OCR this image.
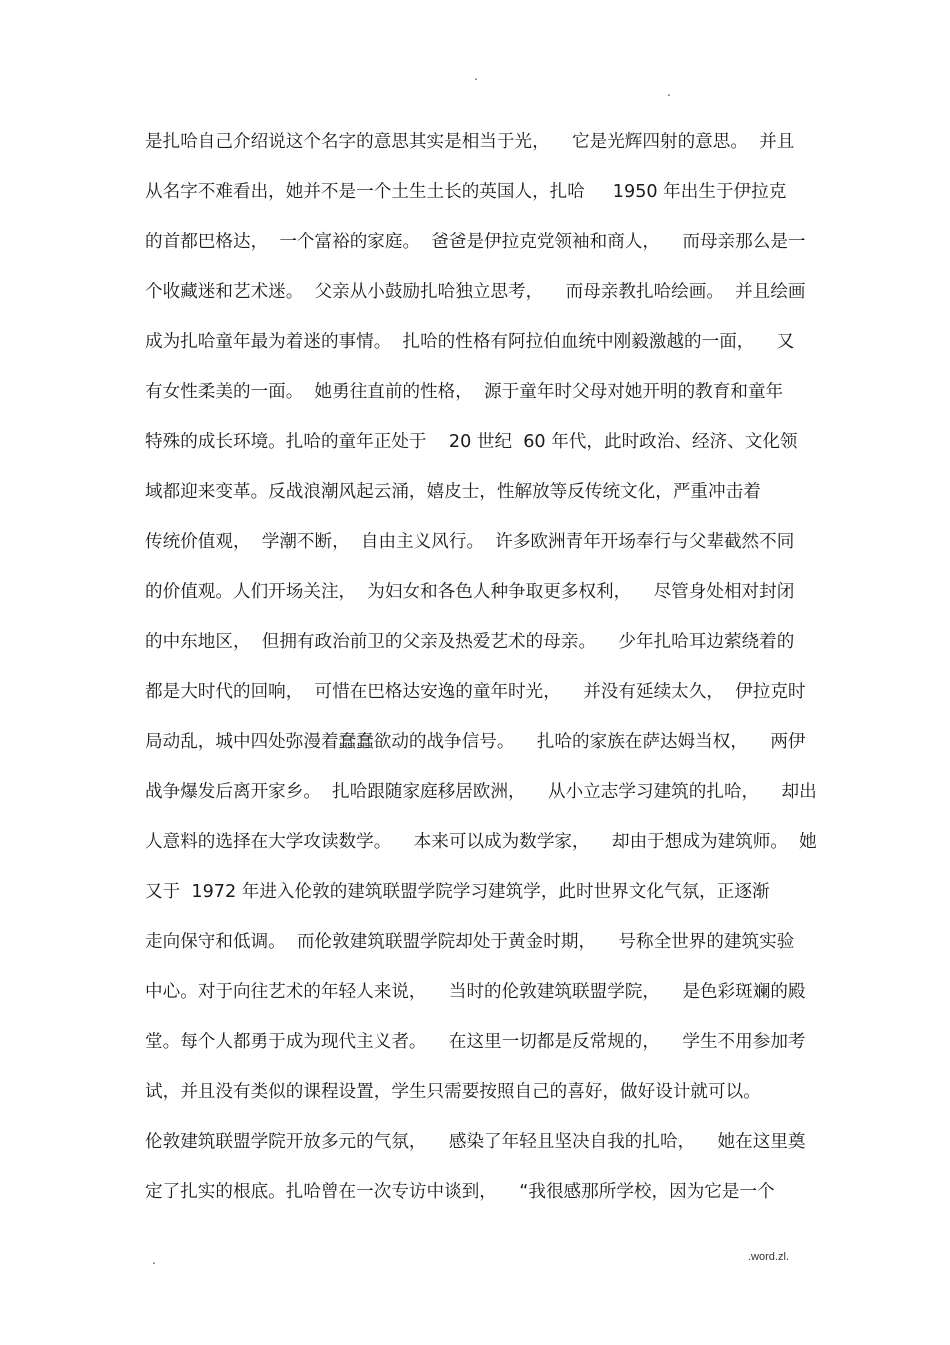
.
.
是扎哈自己介绍说这个名字的意思其实是相当于光，    它是光辉四射的意思。  并且
从名字不难看出，她并不是一个土生土长的英国人，扎哈     1950 年出生于伊拉克
的首都巴格达，  一个富裕的家庭。  爸爸是伊拉克党领袖和商人，    而母亲那么是一
个收藏迷和艺术迷。  父亲从小鼓励扎哈独立思考，    而母亲教扎哈绘画。  并且绘画
成为扎哈童年最为着迷的事情。  扎哈的性格有阿拉伯血统中刚毅激越的一面，    又
有女性柔美的一面。  她勇往直前的性格，  源于童年时父母对她开明的教育和童年
特殊的成长环境。扎哈的童年正处于    20 世纪  60 年代，此时政治、经济、文化领
域都迎来变革。反战浪潮风起云涌，嬉皮士，性解放等反传统文化，严重冲击着
传统价值观，  学潮不断，  自由主义风行。  许多欧洲青年开场奉行与父辈截然不同
的价值观。人们开场关注，  为妇女和各色人种争取更多权利，    尽管身处相对封闭
的中东地区，  但拥有政治前卫的父亲及热爱艺术的母亲。    少年扎哈耳边萦绕着的
都是大时代的回响，  可惜在巴格达安逸的童年时光，    并没有延续太久，  伊拉克时
局动乱，城中四处弥漫着蠢蠢欲动的战争信号。    扎哈的家族在萨达姆当权，    两伊
战争爆发后离开家乡。  扎哈跟随家庭移居欧洲，    从小立志学习建筑的扎哈，    却出
人意料的选择在大学攻读数学。    本来可以成为数学家，    却由于想成为建筑师。  她
又于  1972 年进入伦敦的建筑联盟学院学习建筑学，此时世界文化气氛，正逐渐
走向保守和低调。  而伦敦建筑联盟学院却处于黄金时期，    号称全世界的建筑实验
中心。对于向往艺术的年轻人来说，    当时的伦敦建筑联盟学院，    是色彩斑斓的殿
堂。每个人都勇于成为现代主义者。    在这里一切都是反常规的，    学生不用参加考
试，并且没有类似的课程设置，学生只需要按照自己的喜好，做好设计就可以。
伦敦建筑联盟学院开放多元的气氛，    感染了年轻且坚决自我的扎哈，    她在这里奠
定了扎实的根底。扎哈曾在一次专访中谈到，    “我很感那所学校，因为它是一个
.	.word.zl.
